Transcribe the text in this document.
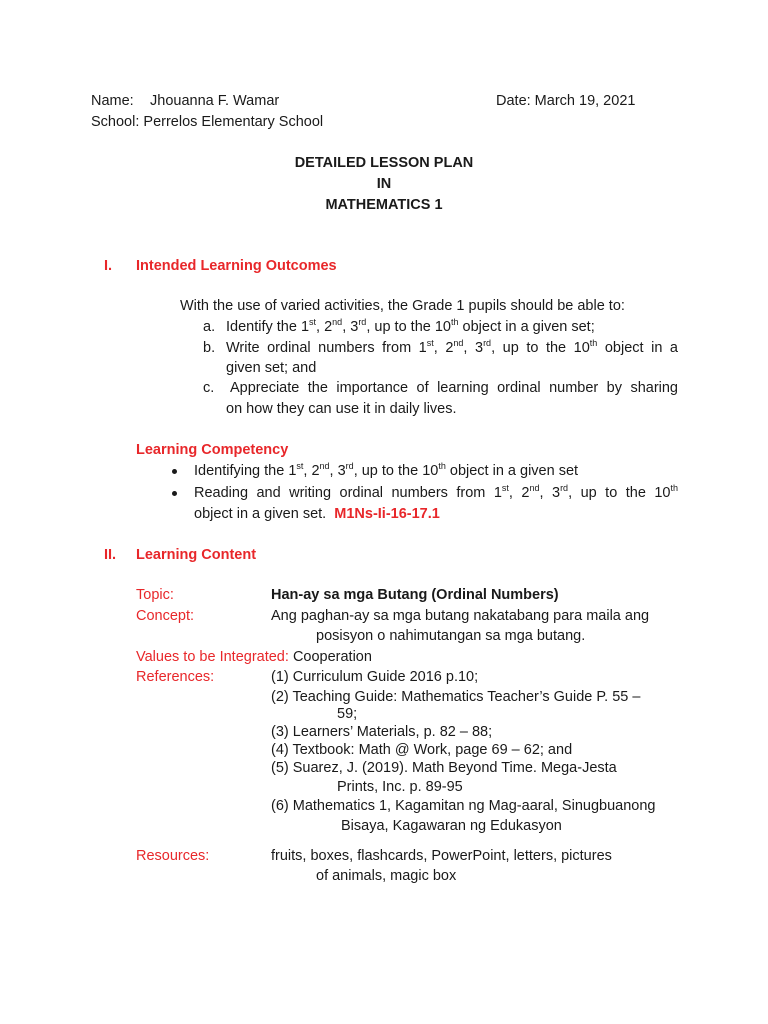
Name: Jhouanna F. Wamar	Date: March 19, 2021
School: Perrelos Elementary School
DETAILED LESSON PLAN
IN
MATHEMATICS 1
I. Intended Learning Outcomes
With the use of varied activities, the Grade 1 pupils should be able to:
a. Identify the 1st, 2nd, 3rd, up to the 10th object in a given set;
b. Write ordinal numbers from 1st, 2nd, 3rd, up to the 10th object in a
given set; and
c. Appreciate the importance of learning ordinal number by sharing
on how they can use it in daily lives.
Learning Competency
Identifying the 1st, 2nd, 3rd, up to the 10th object in a given set
Reading and writing ordinal numbers from 1st, 2nd, 3rd, up to the 10th
object in a given set. M1Ns-Ii-16-17.1
II. Learning Content
Topic:	Han-ay sa mga Butang (Ordinal Numbers)
Concept:	Ang paghan-ay sa mga butang nakatabang para maila ang
posisyon o nahimutangan sa mga butang.
Values to be Integrated: Cooperation
References:	(1) Curriculum Guide 2016 p.10;
(2) Teaching Guide: Mathematics Teacher’s Guide P. 55 –
59;
(3) Learners’ Materials, p. 82 – 88;
(4) Textbook: Math @ Work, page 69 – 62; and
(5) Suarez, J. (2019). Math Beyond Time. Mega-Jesta
Prints, Inc. p. 89-95
(6) Mathematics 1, Kagamitan ng Mag-aaral, Sinugbuanong
Bisaya, Kagawaran ng Edukasyon
Resources:	fruits, boxes, flashcards, PowerPoint, letters, pictures
of animals, magic box
